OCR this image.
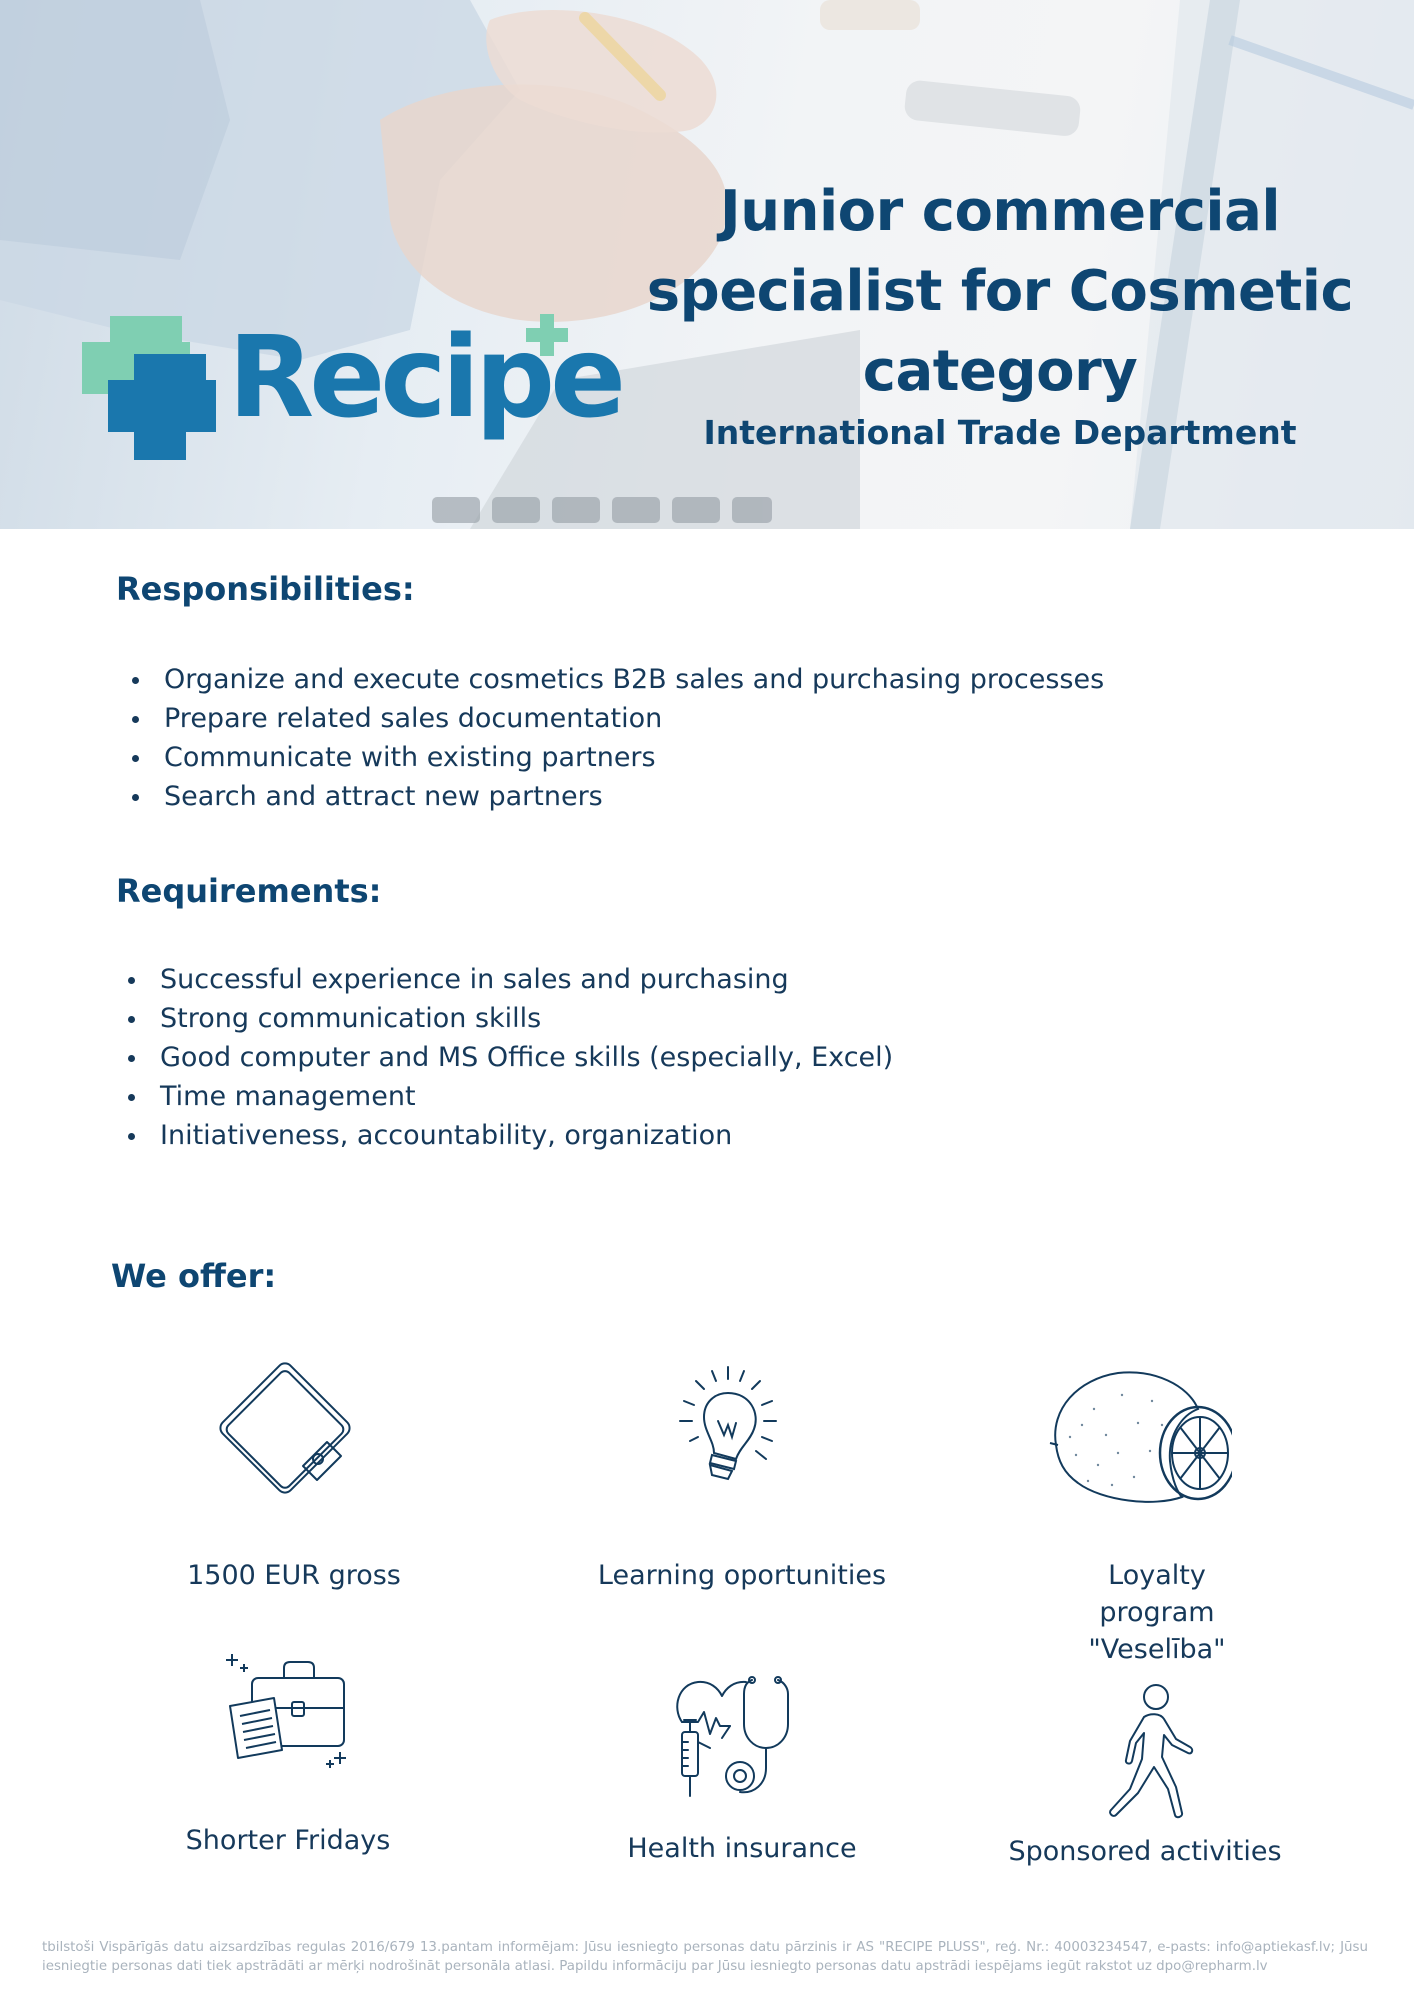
Recipe
Junior commercial specialist for Cosmetic category
International Trade Department
Responsibilities:
Organize and execute cosmetics B2B sales and purchasing processes
Prepare related sales documentation
Communicate with existing partners
Search and attract new partners
Requirements:
Successful experience in sales and purchasing
Strong communication skills
Good computer and MS Office skills (especially, Excel)
Time management
Initiativeness, accountability, organization
We offer:
1500 EUR gross	Learning oportunities	Loyalty program "Veselība"
Shorter Fridays	Health insurance	Sponsored activities
tbilstoši Vispārīgās datu aizsardzības regulas 2016/679 13.pantam informējam: Jūsu iesniegto personas datu pārzinis ir AS "RECIPE PLUSS", reģ. Nr.: 40003234547, e-pasts: info@aptiekasf.lv; Jūsu iesniegtie personas dati tiek apstrādāti ar mērķi nodrošināt personāla atlasi. Papildu informāciju par Jūsu iesniegto personas datu apstrādi iespējams iegūt rakstot uz dpo@repharm.lv
